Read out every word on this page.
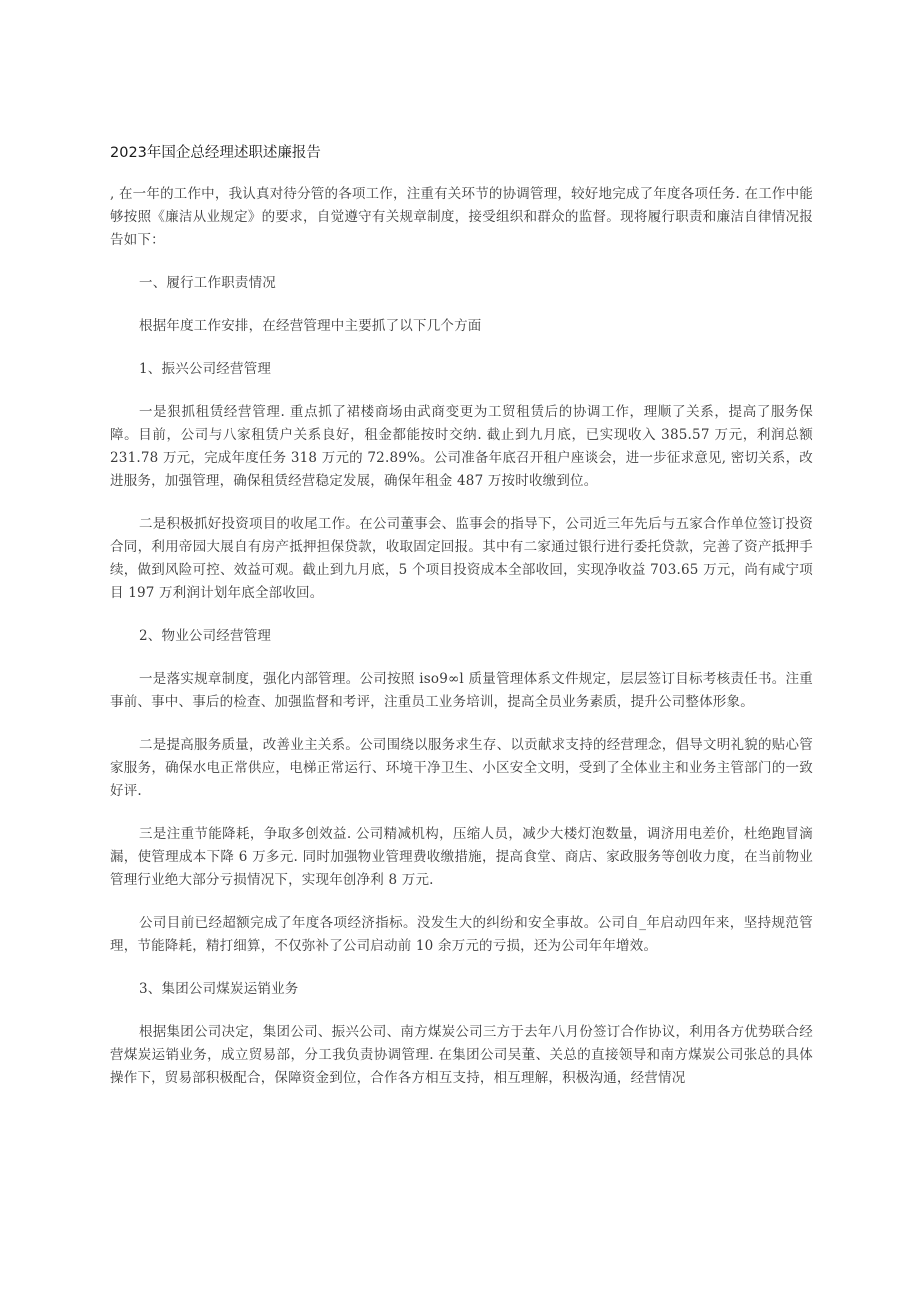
2023年国企总经理述职述廉报告

, 在一年的工作中，我认真对待分管的各项工作，注重有关环节的协调管理，较好地完成了年度各项任务. 在工作中能够按照《廉洁从业规定》的要求，自觉遵守有关规章制度，接受组织和群众的监督。现将履行职责和廉洁自律情况报告如下：

一、履行工作职责情况

根据年度工作安排，在经营管理中主要抓了以下几个方面

1、振兴公司经营管理

一是狠抓租赁经营管理. 重点抓了裙楼商场由武商变更为工贸租赁后的协调工作，理顺了关系，提高了服务保障。目前，公司与八家租赁户关系良好，租金都能按时交纳. 截止到九月底，已实现收入 385.57 万元，利润总额 231.78 万元，完成年度任务 318 万元的 72.89%。公司准备年底召开租户座谈会，进一步征求意见, 密切关系，改进服务，加强管理，确保租赁经营稳定发展，确保年租金 487 万按时收缴到位。

二是积极抓好投资项目的收尾工作。在公司董事会、监事会的指导下，公司近三年先后与五家合作单位签订投资合同，利用帝园大展自有房产抵押担保贷款，收取固定回报。其中有二家通过银行进行委托贷款，完善了资产抵押手续，做到风险可控、效益可观。截止到九月底，5 个项目投资成本全部收回，实现净收益 703.65 万元，尚有咸宁项目 197 万利润计划年底全部收回。

2、物业公司经营管理

一是落实规章制度，强化内部管理。公司按照 iso9∞l 质量管理体系文件规定，层层签订目标考核责任书。注重事前、事中、事后的检查、加强监督和考评，注重员工业务培训，提高全员业务素质，提升公司整体形象。

二是提高服务质量，改善业主关系。公司围绕以服务求生存、以贡献求支持的经营理念，倡导文明礼貌的贴心管家服务，确保水电正常供应，电梯正常运行、环境干净卫生、小区安全文明，受到了全体业主和业务主管部门的一致好评.

三是注重节能降耗，争取多创效益. 公司精减机构，压缩人员，减少大楼灯泡数量，调济用电差价，杜绝跑冒滴漏，使管理成本下降 6 万多元. 同时加强物业管理费收缴措施，提高食堂、商店、家政服务等创收力度，在当前物业管理行业绝大部分亏损情况下，实现年创净利 8 万元.

公司目前已经超额完成了年度各项经济指标。没发生大的纠纷和安全事故。公司自_年启动四年来，坚持规范管理，节能降耗，精打细算，不仅弥补了公司启动前 10 余万元的亏损，还为公司年年增效。

3、集团公司煤炭运销业务

根据集团公司决定，集团公司、振兴公司、南方煤炭公司三方于去年八月份签订合作协议，利用各方优势联合经营煤炭运销业务，成立贸易部，分工我负责协调管理. 在集团公司吴董、关总的直接领导和南方煤炭公司张总的具体操作下，贸易部积极配合，保障资金到位，合作各方相互支持，相互理解，积极沟通，经营情况
